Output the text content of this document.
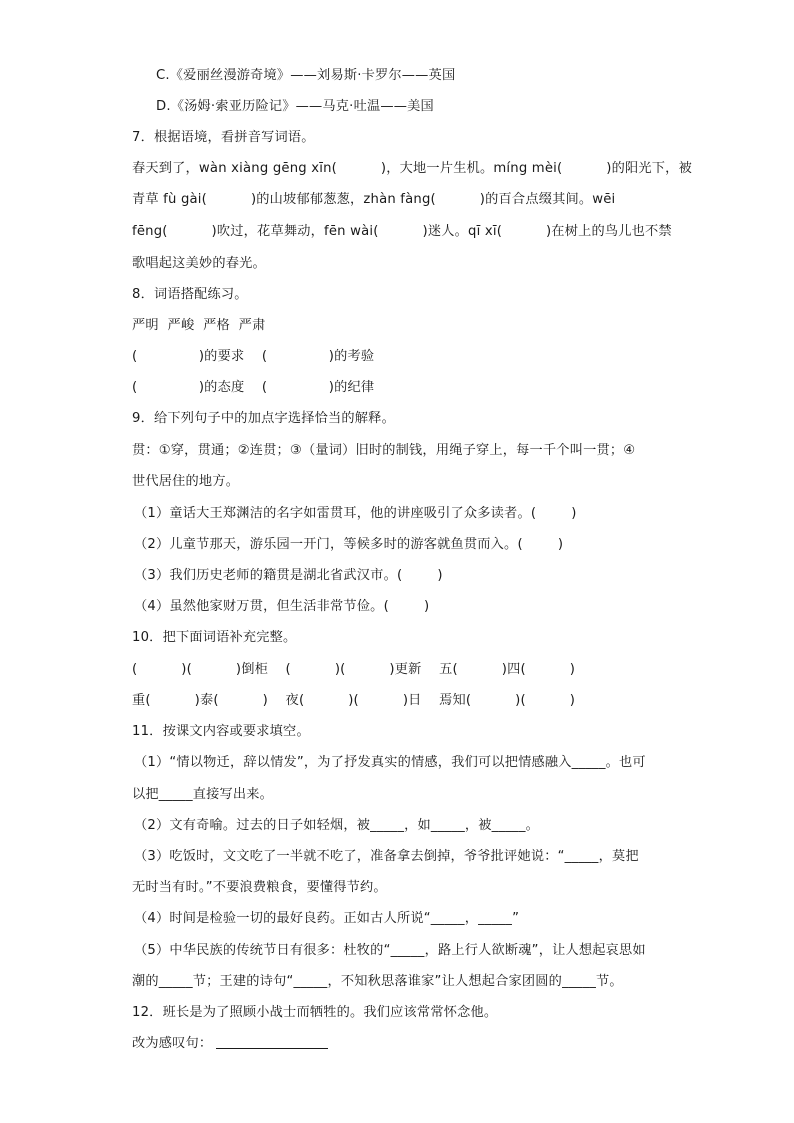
C.《爱丽丝漫游奇境》——刘易斯·卡罗尔——英国
D.《汤姆·索亚历险记》——马克·吐温——美国
7．根据语境，看拼音写词语。
春天到了，wàn xiàng gēng xīn(          )，大地一片生机。míng mèi(          )的阳光下，被
青草 fù gài(          )的山坡郁郁葱葱，zhàn fàng(          )的百合点缀其间。wēi
fēng(          )吹过，花草舞动，fēn wài(          )迷人。qī xī(          )在树上的鸟儿也不禁
歌唱起这美妙的春光。
8．词语搭配练习。
严明  严峻  严格  严肃
(              )的要求    (              )的考验
(              )的态度    (              )的纪律
9．给下列句子中的加点字选择恰当的解释。
贯：①穿，贯通；②连贯；③（量词）旧时的制钱，用绳子穿上，每一千个叫一贯；④
世代居住的地方。
（1）童话大王郑渊洁的名字如雷贯耳，他的讲座吸引了众多读者。(        )
（2）儿童节那天，游乐园一开门，等候多时的游客就鱼贯而入。(        )
（3）我们历史老师的籍贯是湖北省武汉市。(        )
（4）虽然他家财万贯，但生活非常节俭。(        )
10．把下面词语补充完整。
(          )(          )倒柜    (          )(          )更新    五(          )四(          )
重(          )泰(          )    夜(          )(          )日    焉知(          )(          )
11．按课文内容或要求填空。
（1）“情以物迁，辞以情发”，为了抒发真实的情感，我们可以把情感融入_____。也可
以把_____直接写出来。
（2）文有奇喻。过去的日子如轻烟，被_____，如_____，被_____。
（3）吃饭时，文文吃了一半就不吃了，准备拿去倒掉，爷爷批评她说：“_____，莫把
无时当有时。”不要浪费粮食，要懂得节约。
（4）时间是检验一切的最好良药。正如古人所说“_____，_____”
（5）中华民族的传统节日有很多：杜牧的“_____，路上行人欲断魂”，让人想起哀思如
潮的_____节；王建的诗句“_____，不知秋思落谁家”让人想起合家团圆的_____节。
12．班长是为了照顾小战士而牺牲的。我们应该常常怀念他。
改为感叹句：
